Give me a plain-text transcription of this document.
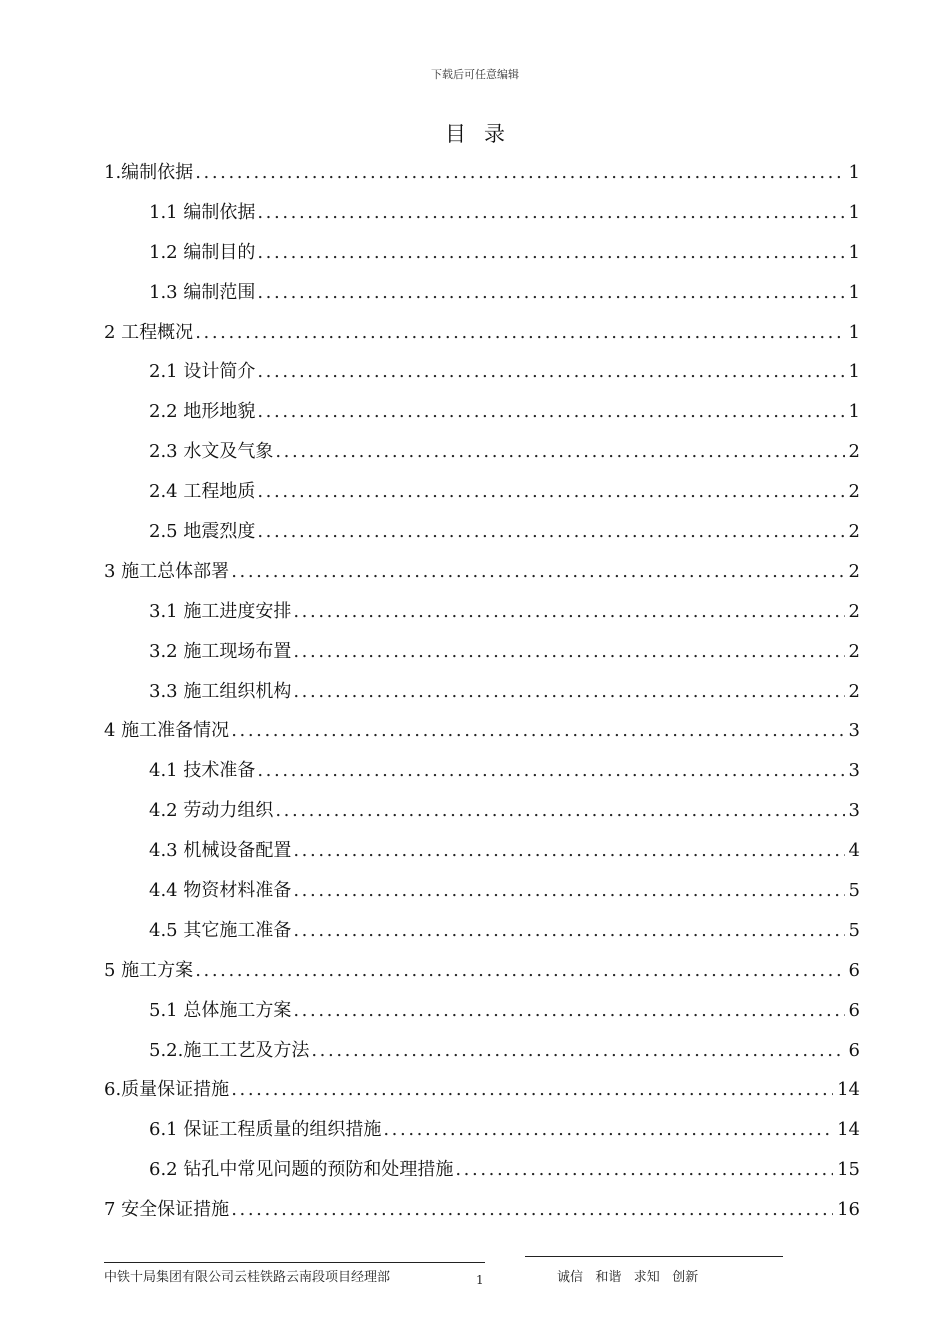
下载后可任意编辑
目录
1.编制依据 .....	1
1.1 编制依据 .....	1
1.2 编制目的 .....	1
1.3 编制范围 .....	1
2 工程概况 .....	1
2.1 设计简介 .....	1
2.2 地形地貌 .....	1
2.3 水文及气象 .....	2
2.4 工程地质 .....	2
2.5 地震烈度 .....	2
3 施工总体部署 .....	2
3.1 施工进度安排 .....	2
3.2 施工现场布置 .....	2
3.3 施工组织机构 .....	2
4 施工准备情况 .....	3
4.1 技术准备 .....	3
4.2 劳动力组织 .....	3
4.3 机械设备配置 .....	4
4.4 物资材料准备 .....	5
4.5 其它施工准备 .....	5
5 施工方案 .....	6
5.1 总体施工方案 .....	6
5.2.施工工艺及方法 .....	6
6.质量保证措施 .....	14
6.1 保证工程质量的组织措施 .....	14
6.2 钻孔中常见问题的预防和处理措施 .....	15
7 安全保证措施 .....	16
中铁十局集团有限公司云桂铁路云南段项目经理部	1	诚信   和谐   求知   创新
